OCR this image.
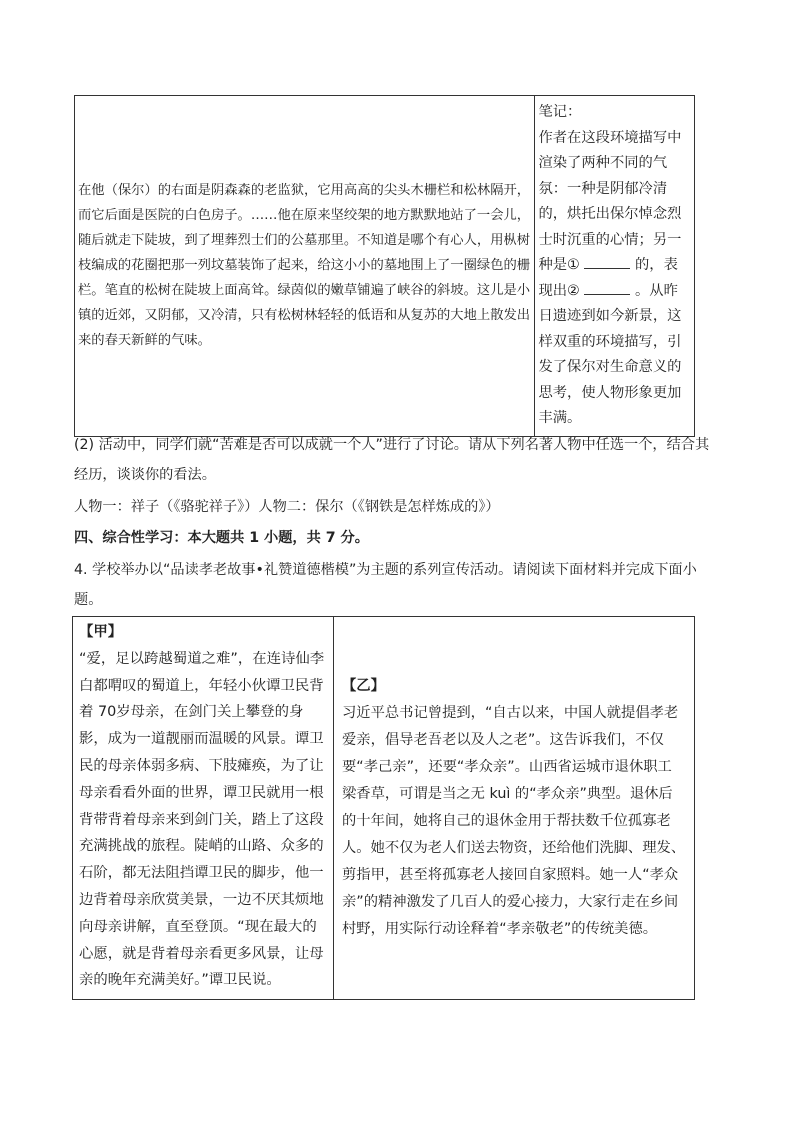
在他（保尔）的右面是阴森森的老监狱，它用高高的尖头木栅栏和松林隔开，而它后面是医院的白色房子。……他在原来坚绞架的地方默默地站了一会儿，随后就走下陡坡，到了埋葬烈士们的公墓那里。不知道是哪个有心人，用枞树枝编成的花圈把那一列坟墓装饰了起来，给这小小的墓地围上了一圈绿色的栅栏。笔直的松树在陡坡上面高耸。绿茵似的嫩草铺遍了峡谷的斜坡。这儿是小镇的近郊，又阴郁，又冷清，只有松树林轻轻的低语和从复苏的大地上散发出来的春天新鲜的气味。

笔记：
作者在这段环境描写中渲染了两种不同的气氛：一种是阴郁冷清的，烘托出保尔悼念烈士时沉重的心情；另一种是①	的，表现出②	。从昨日遗迹到如今新景，这样双重的环境描写，引发了保尔对生命意义的思考，使人物形象更加丰满。
(2) 活动中，同学们就“苦难是否可以成就一个人”进行了讨论。请从下列名著人物中任选一个，结合其经历，谈谈你的看法。
人物一：祥子（《骆驼祥子》）人物二：保尔（《钢铁是怎样炼成的》）
四、综合性学习：本大题共 1 小题，共 7 分。
4. 学校举办以“品读孝老故事•礼赞道德楷模”为主题的系列宣传活动。请阅读下面材料并完成下面小题。
【甲】
“爱，足以跨越蜀道之难”，在连诗仙李白都喟叹的蜀道上，年轻小伙谭卫民背着 70岁母亲，在剑门关上攀登的身影，成为一道靓丽而温暖的风景。谭卫民的母亲体弱多病、下肢瘫痪，为了让母亲看看外面的世界，谭卫民就用一根背带背着母亲来到剑门关，踏上了这段充满挑战的旅程。陡峭的山路、众多的石阶，都无法阻挡谭卫民的脚步，他一边背着母亲欣赏美景，一边不厌其烦地向母亲讲解，直至登顶。“现在最大的心愿，就是背着母亲看更多风景，让母亲的晚年充满美好。”谭卫民说。

【乙】
习近平总书记曾提到，“自古以来，中国人就提倡孝老爱亲，倡导老吾老以及人之老”。这告诉我们，不仅要“孝己亲”，还要“孝众亲”。山西省运城市退休职工梁香草，可谓是当之无 kuì 的“孝众亲”典型。退休后的十年间，她将自己的退休金用于帮扶数千位孤寡老人。她不仅为老人们送去物资，还给他们洗脚、理发、剪指甲，甚至将孤寡老人接回自家照料。她一人“孝众亲”的精神激发了几百人的爱心接力，大家行走在乡间村野，用实际行动诠释着“孝亲敬老”的传统美德。
